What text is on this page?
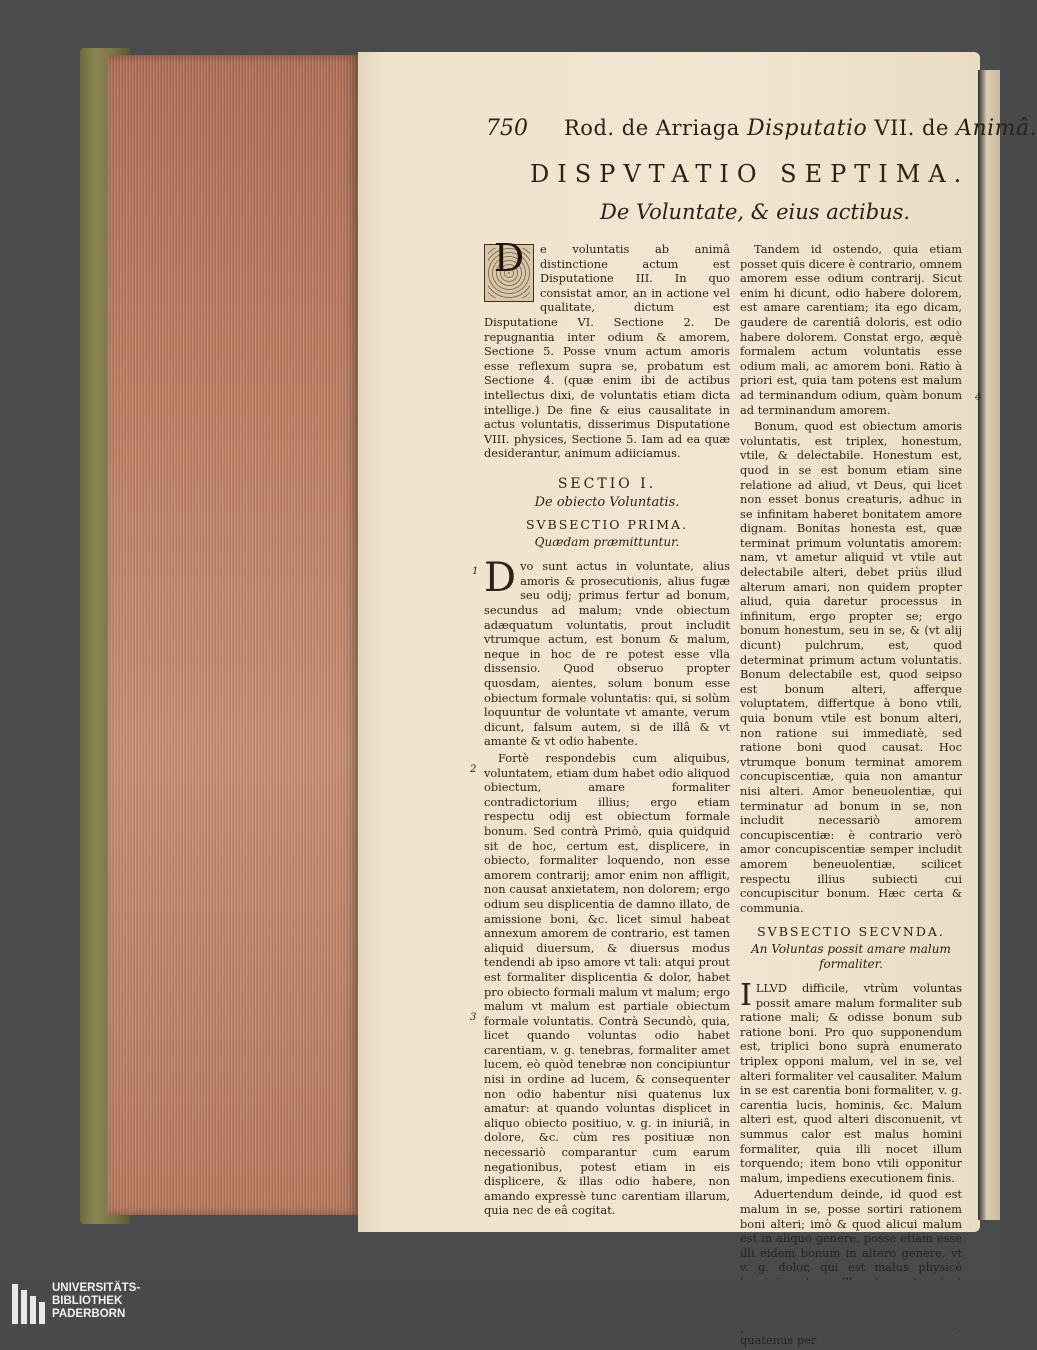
750 Rod. de Arriaga Disputatio VII. de Animâ.
DISPVTATIO SEPTIMA.
De Voluntate, & eius actibus.

D	e voluntatis ab animâ distinctione actum est Disputatione III. In quo consistat amor, an in actione vel qualitate, dictum est Disputatione VI. Sectione 2. De repugnantia inter odium & amorem, Sectione 5. Posse vnum actum amoris esse reflexum supra se, probatum est Sectione 4. (quæ enim ibi de actibus intellectus dixi, de voluntatis etiam dicta intellige.) De fine & eius causalitate in actus voluntatis, disserimus Disputatione VIII. physices, Sectione 5. Iam ad ea quæ desiderantur, animum adiiciamus.

SECTIO I.
De obiecto Voluntatis.
SVBSECTIO PRIMA.
Quædam præmittuntur.

Dvo sunt actus in voluntate, alius amoris & prosecutionis, alius fugæ seu odij; primus fertur ad bonum, secundus ad malum; vnde obiectum adæquatum voluntatis, prout includit vtrumque actum, est bonum & malum, neque in hoc de re potest esse vlla dissensio. Quod obseruo propter quosdam, aientes, solum bonum esse obiectum formale voluntatis: qui, si solùm loquuntur de voluntate vt amante, verum dicunt, falsum autem, si de illâ & vt amante & vt odio habente.

Fortè respondebis cum aliquibus, voluntatem, etiam dum habet odio aliquod obiectum, amare formaliter contradictorium illius; ergo etiam respectu odij est obiectum formale bonum. Sed contrà Primò, quia quidquid sit de hoc, certum est, displicere, in obiecto, formaliter loquendo, non esse amorem contrarij; amor enim non affligit, non causat anxietatem, non dolorem; ergo odium seu displicentia de damno illato, de amissione boni, &c. licet simul habeat annexum amorem de contrario, est tamen aliquid diuersum, & diuersus modus tendendi ab ipso amore vt tali: atqui prout est formaliter displicentia & dolor, habet pro obiecto formali malum vt malum; ergo malum vt malum est partiale obiectum formale voluntatis. Contrà Secundò, quia, licet quando voluntas odio habet carentiam, v. g. tenebras, formaliter amet lucem, eò quòd tenebræ non concipiuntur nisi in ordine ad lucem, & consequenter non odio habentur nisi quatenus lux amatur: at quando voluntas displicet in aliquo obiecto positiuo, v. g. in iniuriâ, in dolore, &c. cùm res positiuæ non necessariò comparantur cum earum negationibus, potest etiam in eis displicere, & illas odio habere, non amando expressè tunc carentiam illarum, quia nec de eâ cogitat.

1
2
3

Tandem id ostendo, quia etiam posset quis dicere è contrario, omnem amorem esse odium contrarij. Sicut enim hi dicunt, odio habere dolorem, est amare carentiam; ita ego dicam, gaudere de carentiâ doloris, est odio habere dolorem. Constat ergo, æquè formalem actum voluntatis esse odium mali, ac amorem boni. Ratio à priori est, quia tam potens est malum ad terminandum odium, quàm bonum ad terminandum amorem.

Bonum, quod est obiectum amoris voluntatis, est triplex, honestum, vtile, & delectabile. Honestum est, quod in se est bonum etiam sine relatione ad aliud, vt Deus, qui licet non esset bonus creaturis, adhuc in se infinitam haberet bonitatem amore dignam. Bonitas honesta est, quæ terminat primum voluntatis amorem: nam, vt ametur aliquid vt vtile aut delectabile alteri, debet priùs illud alterum amari, non quidem propter aliud, quia daretur processus in infinitum, ergo propter se; ergo bonum honestum, seu in se, & (vt alij dicunt) pulchrum, est, quod determinat primum actum voluntatis. Bonum delectabile est, quod seipso est bonum alteri, afferque voluptatem, differtque à bono vtili, quia bonum vtile est bonum alteri, non ratione sui immediatè, sed ratione boni quod causat. Hoc vtrumque bonum terminat amorem concupiscentiæ, quia non amantur nisi alteri. Amor beneuolentiæ, qui terminatur ad bonum in se, non includit necessariò amorem concupiscentiæ: è contrario verò amor concupiscentiæ semper includit amorem beneuolentiæ, scilicet respectu illius subiecti cui concupiscitur bonum. Hæc certa & communia.

SVBSECTIO SECVNDA.
An Voluntas possit amare malum formaliter.

ILLVD difficile, vtrùm voluntas possit amare malum formaliter sub ratione mali; & odisse bonum sub ratione boni. Pro quo supponendum est, triplici bono suprà enumerato triplex opponi malum, vel in se, vel alteri formaliter vel causaliter. Malum in se est carentia boni formaliter, v. g. carentia lucis, hominis, &c. Malum alteri est, quod alteri disconuenit, vt summus calor est malus homini formaliter, quia illi nocet illum torquendo; item bono vtili opponitur malum, impediens executionem finis.

Aduertendum deinde, id quod est malum in se, posse sortiri rationem boni alteri; imò & quod alicui malum est in aliquo genere, posse etiam esse illi eidem bonum in altero genere, vt v. g. dolor, qui est malus physicè quatenus per

4
UNIVERSITÄTS-
BIBLIOTHEK
PADERBORN
